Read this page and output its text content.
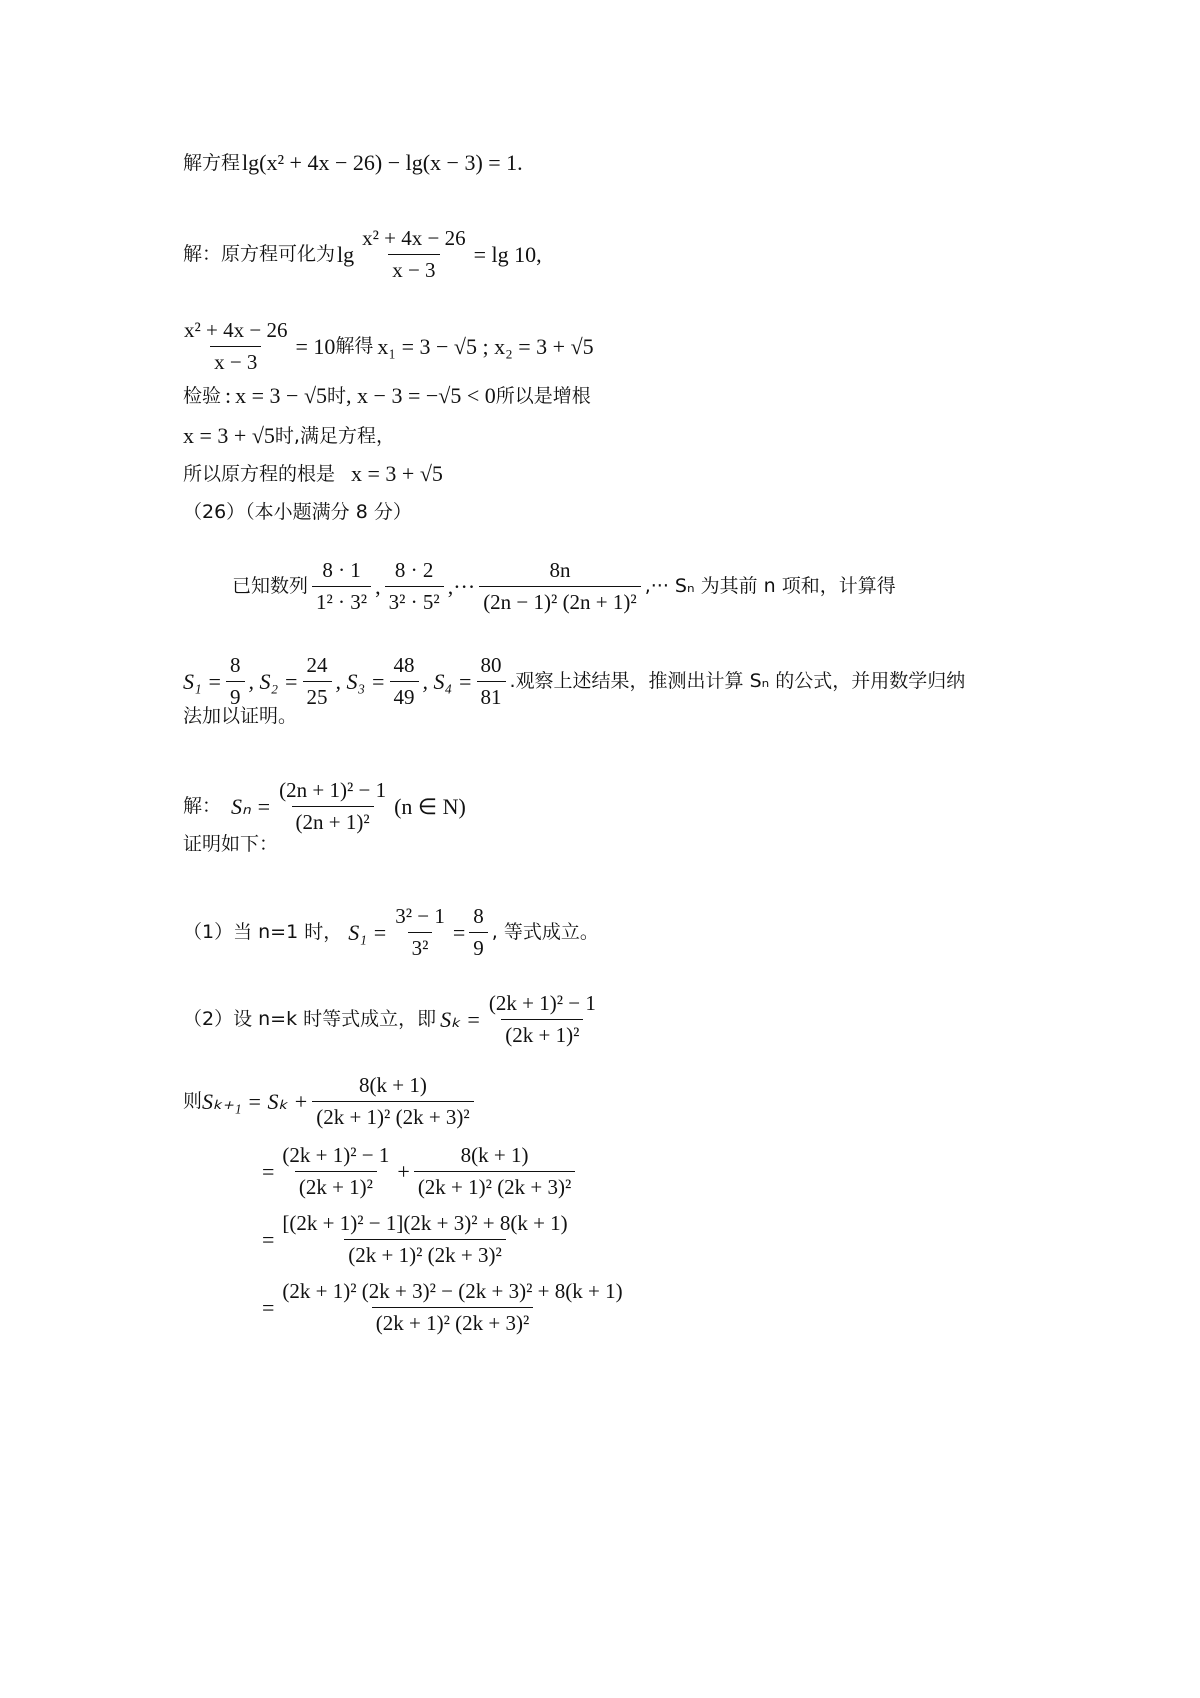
解方程 lg(x² + 4x − 26) − lg(x − 3) = 1.
解：原方程可化为 $\lg \frac{\text{x² + 4x − 26}}{x - 3} = \lg 10$,
$\frac{\text{x² + 4x − 26}}{x - 3} = 10$ 解得 x₁ = 3 − √5 ; x₂ = 3 + √5
检验 : x = 3 − √5 时 , x − 3 = −√5 < 0 所以是增根
x = 3 + √5 时 ,满足方程，
所以原方程的根是 x = 3 + √5
（26）（本小题满分 8 分）
已知数列 $\frac{8 \cdot 1}{\text{1² · 3²}}$ , $\frac{8 \cdot 2}{\text{3² · 5²}}$ ,··· $\frac{8n}{\text{(2n − 1)² (2n + 1)²}}$ ,··· Sₙ 为其前 n 项和，计算得
$S_1 = \frac{8}{9}$ , $S_2 = \frac{24}{25}$ , $S_3 = \frac{48}{49}$ , $S_4 = \frac{80}{81}$ .观察上述结果，推测出计算 Sₙ 的公式，并用数学归纳
法加以证明。
解： $S_n = \frac{\text{(2n + 1)² − 1}}{\text{(2n + 1)²}} (n$ ∈ N)
证明如下：
（1）当 n=1 时， $S_1 = \frac{\text{3² − 1}}{\text{3²}} = \frac{8}{9}$ , 等式成立。
（2）设 n=k 时等式成立，即 $S_k = \frac{\text{(2k + 1)² − 1}}{\text{(2k + 1)²}}$
则 $S_{k+1} = S_k + \frac{8(k + 1)}{\text{(2k + 1)² (2k + 3)²}}$
= $\frac{\text{(2k + 1)² − 1}}{\text{(2k + 1)²}} + \frac{8(k + 1)}{\text{(2k + 1)² (2k + 3)²}}$
= $\frac{\text{[(2k + 1)² − 1](2k + 3)² + 8(k + 1)}}{\text{(2k + 1)² (2k + 3)²}}$
= $\frac{\text{(2k + 1)² (2k + 3)² − (2k + 3)² + 8(k + 1)}}{\text{(2k + 1)² (2k + 3)²}}$
